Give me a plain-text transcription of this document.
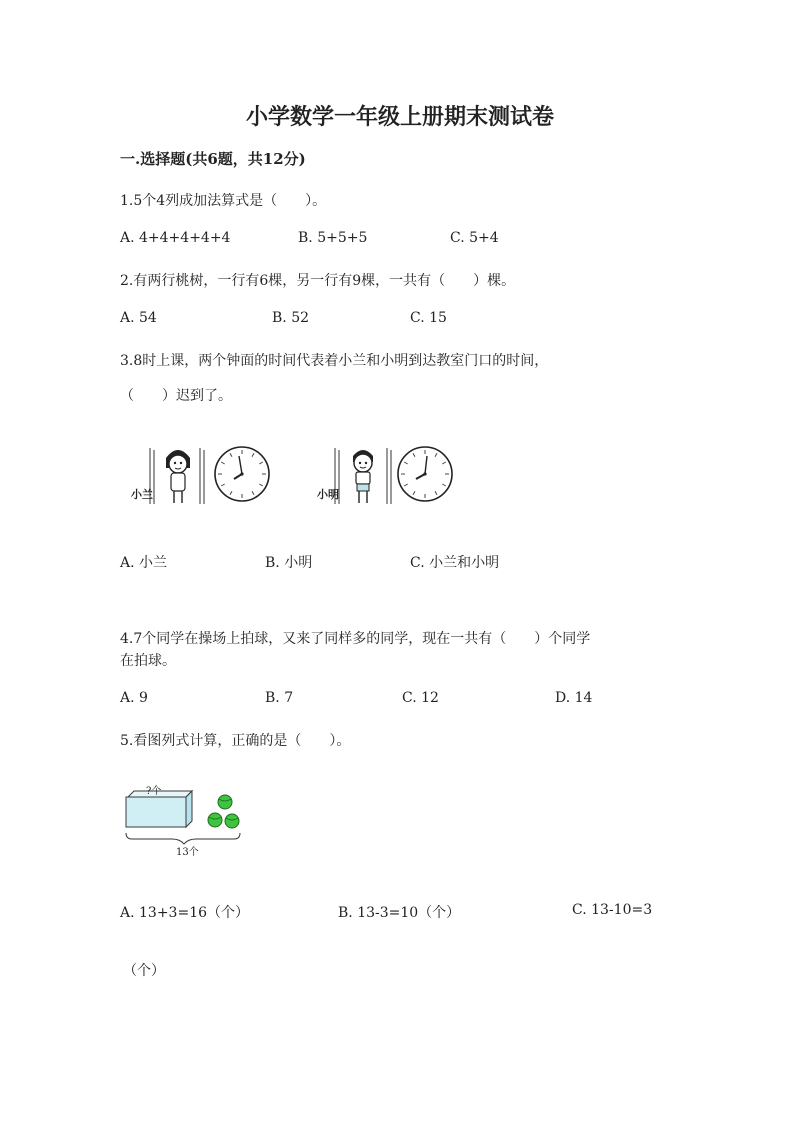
小学数学一年级上册期末测试卷
一.选择题(共6题，共12分)
1.5个4列成加法算式是（　　）。
A. 4+4+4+4+4	B. 5+5+5	C. 5+4
2.有两行桃树，一行有6棵，另一行有9棵，一共有（　　）棵。
A. 54	B. 52	C. 15
3.8时上课，两个钟面的时间代表着小兰和小明到达教室门口的时间，
（　　）迟到了。
小兰	小明
A. 小兰	B. 小明	C. 小兰和小明
4.7个同学在操场上拍球，又来了同样多的同学，现在一共有（　　）个同学
在拍球。
A. 9	B. 7	C. 12	D. 14
5.看图列式计算，正确的是（　　）。
?个
13个
A. 13+3=16（个）	B. 13-3=10（个）	C. 13-10=3
（个）
